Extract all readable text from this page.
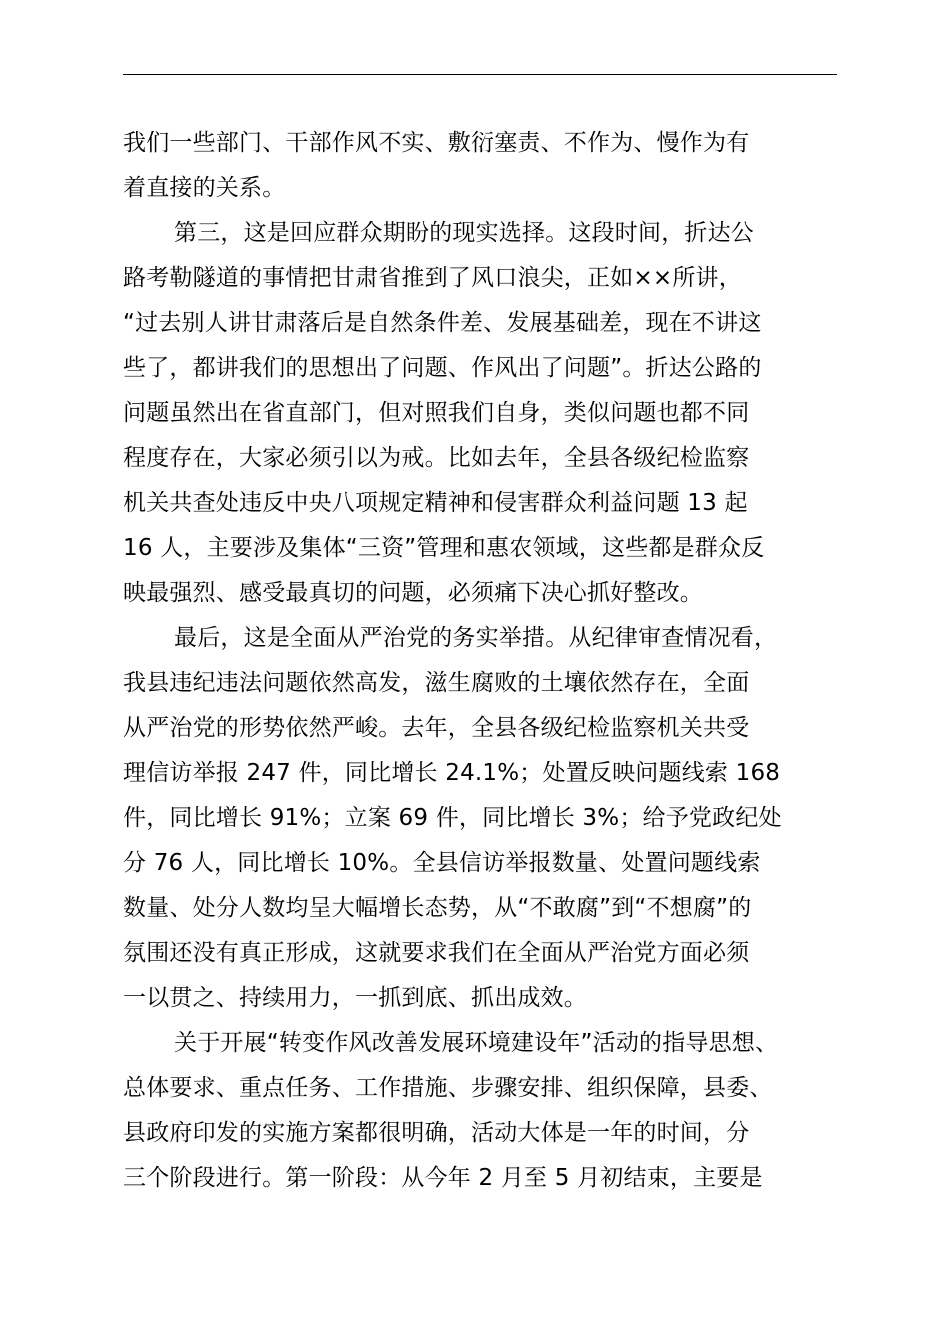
我们一些部门、干部作风不实、敷衍塞责、不作为、慢作为有
着直接的关系。
第三，这是回应群众期盼的现实选择。这段时间，折达公
路考勒隧道的事情把甘肃省推到了风口浪尖，正如××所讲，
“过去别人讲甘肃落后是自然条件差、发展基础差，现在不讲这
些了，都讲我们的思想出了问题、作风出了问题”。折达公路的
问题虽然出在省直部门，但对照我们自身，类似问题也都不同
程度存在，大家必须引以为戒。比如去年，全县各级纪检监察
机关共查处违反中央八项规定精神和侵害群众利益问题 13 起
16 人，主要涉及集体“三资”管理和惠农领域，这些都是群众反
映最强烈、感受最真切的问题，必须痛下决心抓好整改。
最后，这是全面从严治党的务实举措。从纪律审查情况看，
我县违纪违法问题依然高发，滋生腐败的土壤依然存在，全面
从严治党的形势依然严峻。去年，全县各级纪检监察机关共受
理信访举报 247 件，同比增长 24.1%；处置反映问题线索 168
件，同比增长 91%；立案 69 件，同比增长 3%；给予党政纪处
分 76 人，同比增长 10%。全县信访举报数量、处置问题线索
数量、处分人数均呈大幅增长态势，从“不敢腐”到“不想腐”的
氛围还没有真正形成，这就要求我们在全面从严治党方面必须
一以贯之、持续用力，一抓到底、抓出成效。
关于开展“转变作风改善发展环境建设年”活动的指导思想、
总体要求、重点任务、工作措施、步骤安排、组织保障，县委、
县政府印发的实施方案都很明确，活动大体是一年的时间，分
三个阶段进行。第一阶段：从今年 2 月至 5 月初结束，主要是
